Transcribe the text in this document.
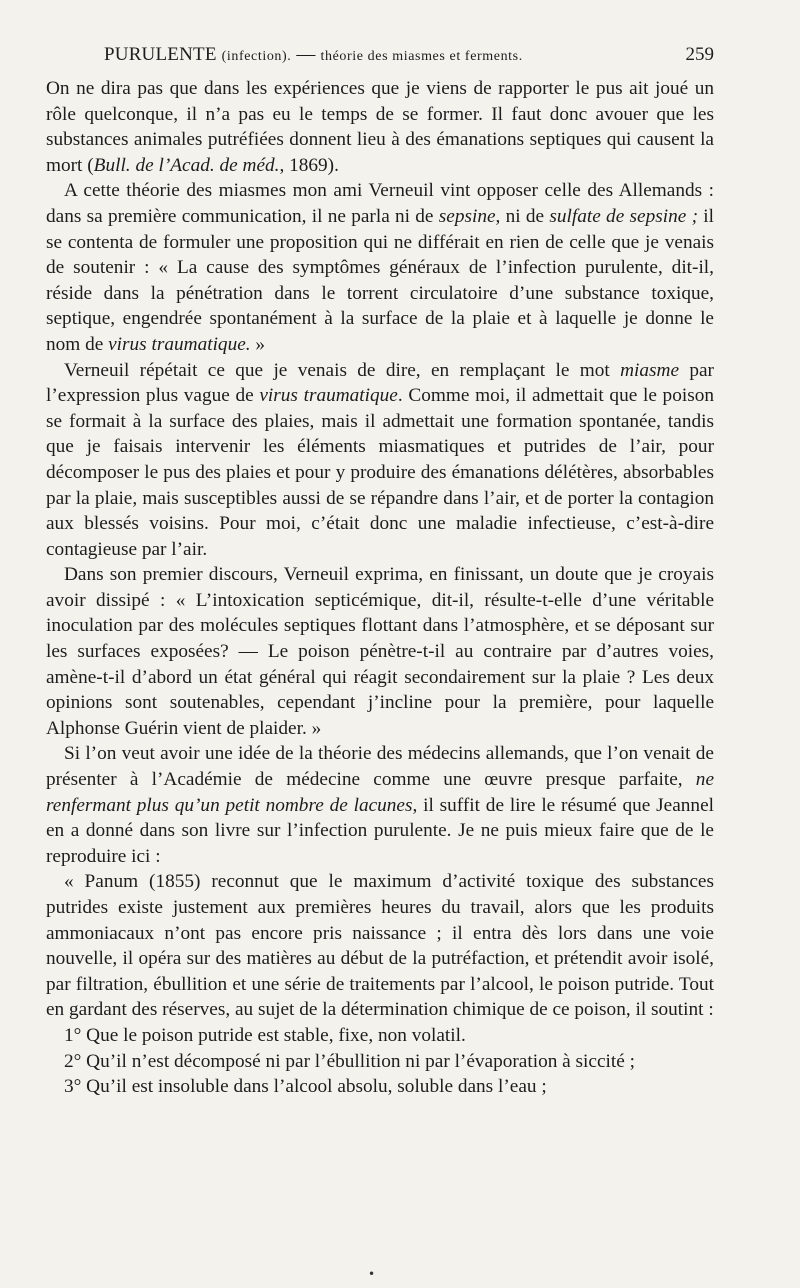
PURULENTE (infection). — théorie des miasmes et ferments.	259

On ne dira pas que dans les expériences que je viens de rapporter le pus ait joué un rôle quelconque, il n’a pas eu le temps de se former. Il faut donc avouer que les substances animales putréfiées donnent lieu à des émanations septiques qui causent la mort (Bull. de l’Acad. de méd., 1869).

A cette théorie des miasmes mon ami Verneuil vint opposer celle des Allemands : dans sa première communication, il ne parla ni de sepsine, ni de sulfate de sepsine ; il se contenta de formuler une proposition qui ne différait en rien de celle que je venais de soutenir : « La cause des symptômes généraux de l’infection purulente, dit-il, réside dans la pénétration dans le torrent circulatoire d’une substance toxique, septique, engendrée spontanément à la surface de la plaie et à laquelle je donne le nom de virus traumatique. »

Verneuil répétait ce que je venais de dire, en remplaçant le mot miasme par l’expression plus vague de virus traumatique. Comme moi, il admettait que le poison se formait à la surface des plaies, mais il admettait une formation spontanée, tandis que je faisais intervenir les éléments miasmatiques et putrides de l’air, pour décomposer le pus des plaies et pour y produire des émanations délétères, absorbables par la plaie, mais susceptibles aussi de se répandre dans l’air, et de porter la contagion aux blessés voisins. Pour moi, c’était donc une maladie infectieuse, c’est-à-dire contagieuse par l’air.

Dans son premier discours, Verneuil exprima, en finissant, un doute que je croyais avoir dissipé : « L’intoxication septicémique, dit-il, résulte-t-elle d’une véritable inoculation par des molécules septiques flottant dans l’atmosphère, et se déposant sur les surfaces exposées? — Le poison pénètre-t-il au contraire par d’autres voies, amène-t-il d’abord un état général qui réagit secondairement sur la plaie ? Les deux opinions sont soutenables, cependant j’incline pour la première, pour laquelle Alphonse Guérin vient de plaider. »

Si l’on veut avoir une idée de la théorie des médecins allemands, que l’on venait de présenter à l’Académie de médecine comme une œuvre presque parfaite, ne renfermant plus qu’un petit nombre de lacunes, il suffit de lire le résumé que Jeannel en a donné dans son livre sur l’infection purulente. Je ne puis mieux faire que de le reproduire ici :

« Panum (1855) reconnut que le maximum d’activité toxique des substances putrides existe justement aux premières heures du travail, alors que les produits ammoniacaux n’ont pas encore pris naissance ; il entra dès lors dans une voie nouvelle, il opéra sur des matières au début de la putréfaction, et prétendit avoir isolé, par filtration, ébullition et une série de traitements par l’alcool, le poison putride. Tout en gardant des réserves, au sujet de la détermination chimique de ce poison, il soutint :

1° Que le poison putride est stable, fixe, non volatil.

2° Qu’il n’est décomposé ni par l’ébullition ni par l’évaporation à siccité ;

3° Qu’il est insoluble dans l’alcool absolu, soluble dans l’eau ;

•
